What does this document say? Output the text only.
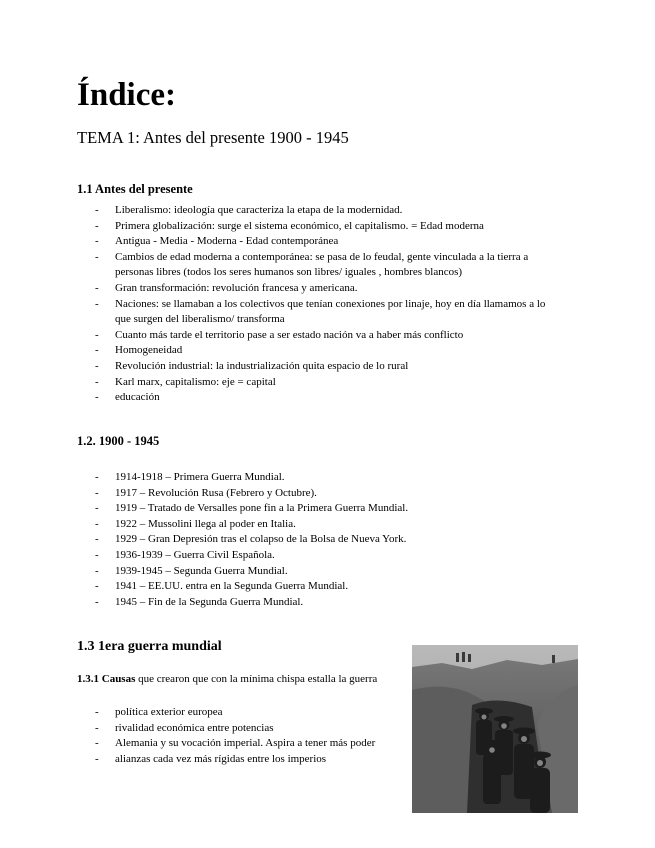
Índice:

TEMA 1: Antes del presente 1900 - 1945

1.1 Antes del presente
- Liberalismo: ideología que caracteriza la etapa de la modernidad.
- Primera globalización: surge el sistema económico, el capitalismo. = Edad moderna
- Antigua - Media - Moderna - Edad contemporánea
- Cambios de edad moderna a contemporánea: se pasa de lo feudal, gente vinculada a la tierra a
personas libres (todos los seres humanos son libres/ iguales , hombres blancos)
- Gran transformación: revolución francesa y americana.
- Naciones: se llamaban a los colectivos que tenían conexiones por linaje, hoy en día llamamos a lo
que surgen del liberalismo/ transforma
- Cuanto más tarde el territorio pase a ser estado nación va a haber más conflicto
- Homogeneidad
- Revolución industrial: la industrialización quita espacio de lo rural
- Karl marx, capitalismo: eje = capital
- educación
1.2. 1900 - 1945
- 1914-1918 – Primera Guerra Mundial.
- 1917 – Revolución Rusa (Febrero y Octubre).
- 1919 – Tratado de Versalles pone fin a la Primera Guerra Mundial.
- 1922 – Mussolini llega al poder en Italia.
- 1929 – Gran Depresión tras el colapso de la Bolsa de Nueva York.
- 1936-1939 – Guerra Civil Española.
- 1939-1945 – Segunda Guerra Mundial.
- 1941 – EE.UU. entra en la Segunda Guerra Mundial.
- 1945 – Fin de la Segunda Guerra Mundial.
1.3 1era guerra mundial

1.3.1 Causas que crearon que con la mínima chispa estalla la guerra

- política exterior europea
- rivalidad económica entre potencias
- Alemania y su vocación imperial. Aspira a tener más poder
- alianzas cada vez más rígidas entre los imperios
